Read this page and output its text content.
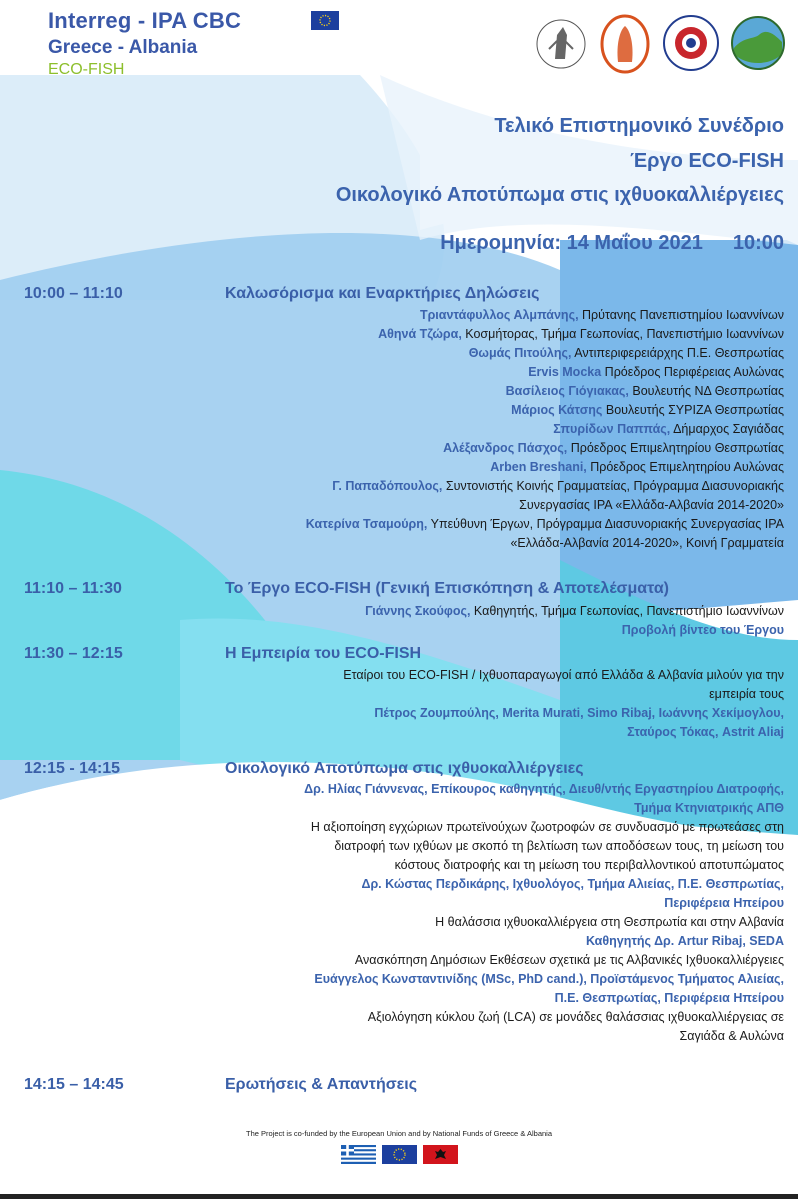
Interreg - IPA CBC
Greece - Albania
ECO-FISH
Τελικό Επιστημονικό Συνέδριο
Έργο ECO-FISH
Οικολογικό Αποτύπωμα στις ιχθυοκαλλιέργειες
Ημερομηνία: 14 Μαΐου 2021 10:00
10:00 – 11:10	Καλωσόρισμα και Εναρκτήριες Δηλώσεις
Τριαντάφυλλος Αλμπάνης, Πρύτανης Πανεπιστημίου Ιωαννίνων
Αθηνά Τζώρα, Κοσμήτορας, Τμήμα Γεωπονίας, Πανεπιστήμιο Ιωαννίνων
Θωμάς Πιτούλης, Αντιπεριφερειάρχης Π.Ε. Θεσπρωτίας
Ervis Mocka Πρόεδρος Περιφέρειας Αυλώνας
Βασίλειος Γιόγιακας, Βουλευτής ΝΔ Θεσπρωτίας
Μάριος Κάτσης Βουλευτής ΣΥΡΙΖΑ Θεσπρωτίας
Σπυρίδων Παππάς, Δήμαρχος Σαγιάδας
Αλέξανδρος Πάσχος, Πρόεδρος Επιμελητηρίου Θεσπρωτίας
Arben Breshani, Πρόεδρος Επιμελητηρίου Αυλώνας
Γ. Παπαδόπουλος, Συντονιστής Κοινής Γραμματείας, Πρόγραμμα Διασυνοριακής
Συνεργασίας IPA «Ελλάδα-Αλβανία 2014-2020»
Κατερίνα Τσαμούρη, Υπεύθυνη Έργων, Πρόγραμμα Διασυνοριακής Συνεργασίας IPA
«Ελλάδα-Αλβανία 2014-2020», Κοινή Γραμματεία
11:10 – 11:30	Το Έργο ECO-FISH (Γενική Επισκόπηση & Αποτελέσματα)
Γιάννης Σκούφος, Καθηγητής, Τμήμα Γεωπονίας, Πανεπιστήμιο Ιωαννίνων
Προβολή βίντεο του Έργου
11:30 – 12:15	Η Εμπειρία του ECO-FISH
Εταίροι του ECO-FISH / Ιχθυοπαραγωγοί από Ελλάδα & Αλβανία μιλούν για την
εμπειρία τους
Πέτρος Ζουμπούλης, Merita Murati, Simo Ribaj, Ιωάννης Χεκίμογλου,
Σταύρος Τόκας, Astrit Aliaj
12:15 - 14:15	Οικολογικό Αποτύπωμα στις ιχθυοκαλλιέργειες
Δρ. Ηλίας Γιάννενας, Επίκουρος καθηγητής, Διευθ/ντής Εργαστηρίου Διατροφής,
Τμήμα Κτηνιατρικής ΑΠΘ
Η αξιοποίηση εγχώριων πρωτεϊνούχων ζωοτροφών σε συνδυασμό με πρωτεάσες στη
διατροφή των ιχθύων με σκοπό τη βελτίωση των αποδόσεων τους, τη μείωση του
κόστους διατροφής και τη μείωση του περιβαλλοντικού αποτυπώματος
Δρ. Κώστας Περδικάρης, Ιχθυολόγος, Τμήμα Αλιείας, Π.Ε. Θεσπρωτίας,
Περιφέρεια Ηπείρου
Η θαλάσσια ιχθυοκαλλιέργεια στη Θεσπρωτία και στην Αλβανία
Καθηγητής Δρ. Artur Ribaj, SEDA
Ανασκόπηση Δημόσιων Εκθέσεων σχετικά με τις Αλβανικές Ιχθυοκαλλιέργειες
Ευάγγελος Κωνσταντινίδης (MSc, PhD cand.), Προϊστάμενος Τμήματος Αλιείας,
Π.Ε. Θεσπρωτίας, Περιφέρεια Ηπείρου
Αξιολόγηση κύκλου ζωή (LCA) σε μονάδες θαλάσσιας ιχθυοκαλλιέργειας σε
Σαγιάδα & Αυλώνα
14:15 – 14:45	Ερωτήσεις & Απαντήσεις
The Project is co-funded by the European Union and by National Funds of Greece & Albania
